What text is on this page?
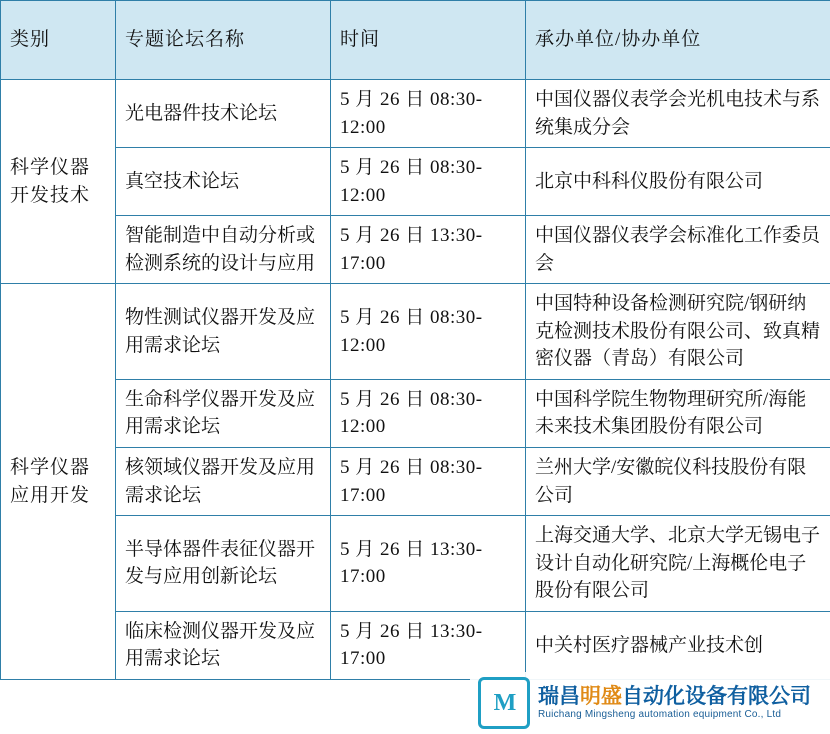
类别	专题论坛名称	时间	承办单位/协办单位
科学仪器开发技术	光电器件技术论坛	5 月 26 日 08:30-12:00	中国仪器仪表学会光机电技术与系统集成分会
	真空技术论坛	5 月 26 日 08:30-12:00	北京中科科仪股份有限公司
	智能制造中自动分析或检测系统的设计与应用	5 月 26 日 13:30-17:00	中国仪器仪表学会标准化工作委员会
科学仪器应用开发	物性测试仪器开发及应用需求论坛	5 月 26 日 08:30-12:00	中国特种设备检测研究院/钢研纳克检测技术股份有限公司、致真精密仪器（青岛）有限公司
	生命科学仪器开发及应用需求论坛	5 月 26 日 08:30-12:00	中国科学院生物物理研究所/海能未来技术集团股份有限公司
	核领域仪器开发及应用需求论坛	5 月 26 日 08:30-17:00	兰州大学/安徽皖仪科技股份有限公司
	半导体器件表征仪器开发与应用创新论坛	5 月 26 日 13:30-17:00	上海交通大学、北京大学无锡电子设计自动化研究院/上海概伦电子股份有限公司
	临床检测仪器开发及应用需求论坛	5 月 26 日 13:30-17:00	中关村医疗器械产业技术创
M 瑞昌明盛自动化设备有限公司
Ruichang Mingsheng automation equipment Co., Ltd
